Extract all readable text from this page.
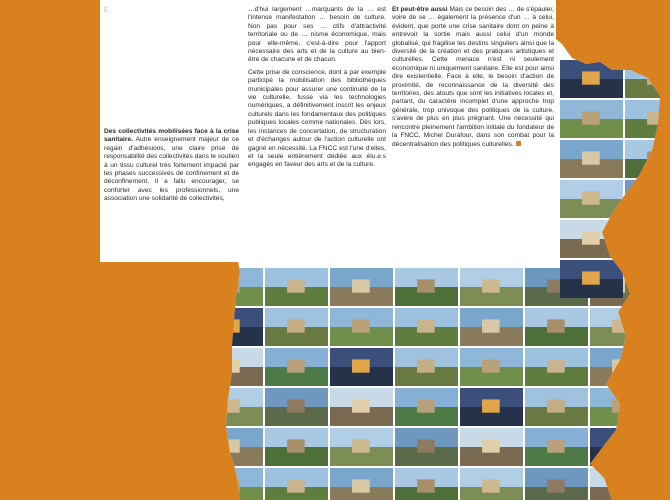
▯

Des collectivités mobilisées face à la crise sanitaire. Autre enseignement majeur de ce regain d'adhésions, une claire prise de responsabilité des collectivités dans le soutien à un tissu culturel très fortement impacté par les phases successives de confinement et de déconfinement. Il a fallu encourager, se conforter avec les professionnels, une association une solidarité de collectivités,

…d'hui largement …marquants de la … est l'intense manifestation … besoin de culture. Non pas pour ses … ctifs d'attractivité territoriale ou de … nisme économique, mais pour elle-même, c'est-à-dire pour l'apport nécessaire des arts et de la culture au bien-être de chacune et de chacun.

Cette prise de conscience, dont a par exemple participé la mobilisation des bibliothèques municipales pour assurer une continuité de la vie culturelle, fusse via les technologies numériques, a définitivement inscrit les enjeux culturels dans les fondamentaux des politiques publiques locales comme nationales. Dès lors, les instances de concertation, de structuration et d'échanges autour de l'action culturelle ont gagné en nécessité. La FNCC est l'une d'elles, et la seule entièrement dédiée aux élu.e.s engagés en faveur des arts et de la culture.

Et peut-être aussi Mais ce besoin des … de s'épauler, voire de se … également la présence d'un … à celui, évident, que porte une crise sanitaire dont on peine à entrevoir la sortie mais aussi celui d'un monde globalisé, qui fragilise les destins singuliers ainsi que la diversité de la création et des pratiques artistiques et culturelles. Cette menace n'est ni seulement économique ni uniquement sanitaire. Elle est pour ainsi dire existentielle. Face à elle, le besoin d'action de proximité, de reconnaissance de la diversité des territoires, des atouts que sont les initiatives locales et, partant, du caractère incomplet d'une approche trop générale, trop univoque des politiques de la culture, s'avère de plus en plus prégnant. Une nécessité qui rencontre pleinement l'ambition initiale du fondateur de la FNCC, Michel Durafour, dans son combat pour la décentralisation des politiques culturelles.
